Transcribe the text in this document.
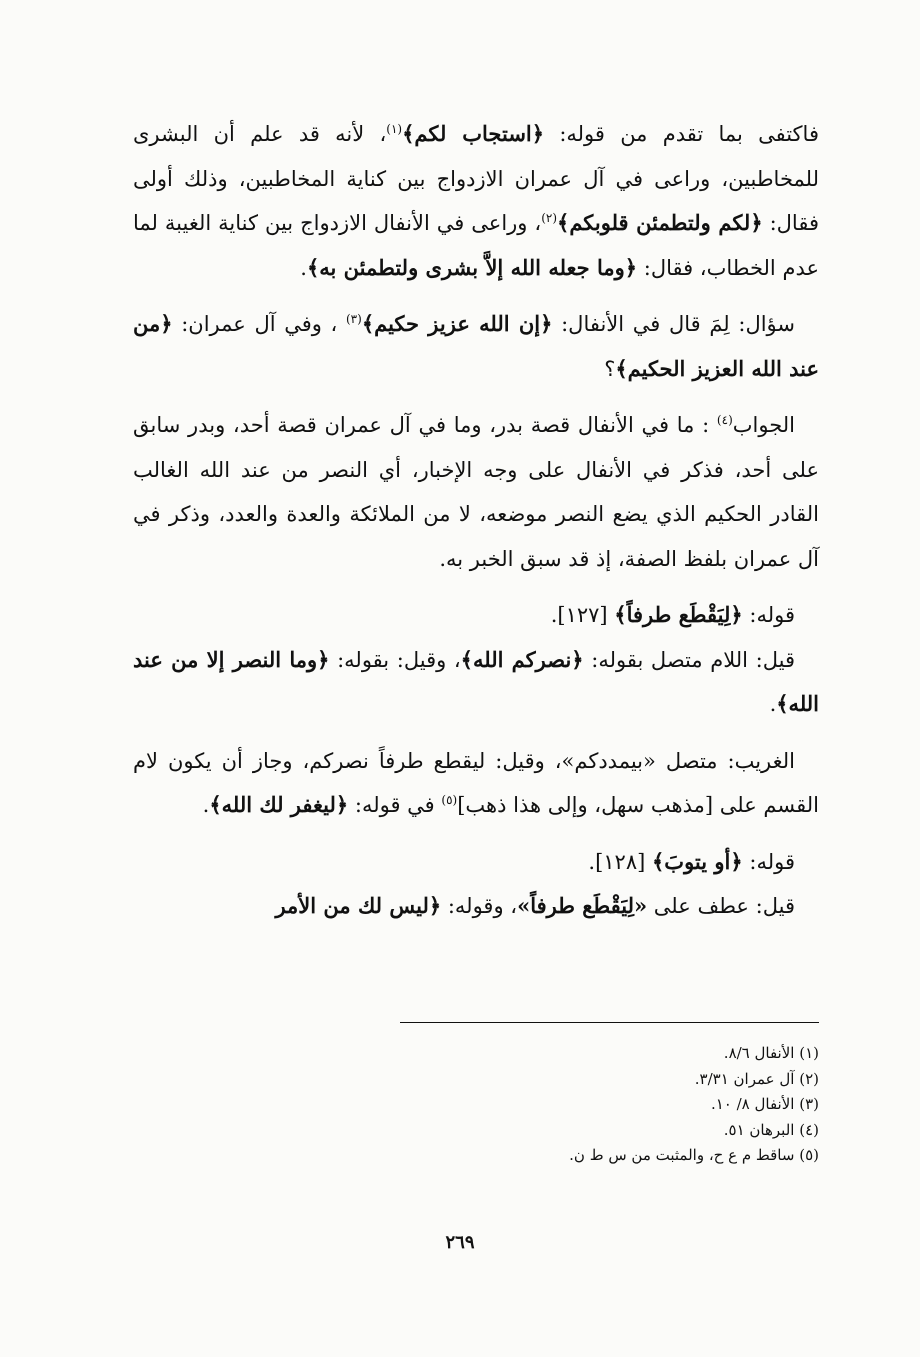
فاكتفى بما تقدم من قوله: ﴿استجاب لكم﴾$^{(١)}$، لأنه قد علم أن البشرى للمخاطبين، وراعى في آل عمران الازدواج بين كناية المخاطبين، وذلك أولى فقال: ﴿لكم ولتطمئن قلوبكم﴾$^{(٢)}$، وراعى في الأنفال الازدواج بين كناية الغيبة لما عدم الخطاب، فقال: ﴿وما جعله الله إلاَّ بشرى ولتطمئن به﴾.

سؤال: لِمَ قال في الأنفال: ﴿إن الله عزيز حكيم﴾$^{(٣)}$ ، وفي آل عمران: ﴿من عند الله العزيز الحكيم﴾؟

الجواب$^{(٤)}$ : ما في الأنفال قصة بدر، وما في آل عمران قصة أحد، وبدر سابق على أحد، فذكر في الأنفال على وجه الإخبار، أي النصر من عند الله الغالب القادر الحكيم الذي يضع النصر موضعه، لا من الملائكة والعدة والعدد، وذكر في آل عمران بلفظ الصفة، إذ قد سبق الخبر به.

قوله: ﴿لِيَقْطَع طرفاً﴾ [١٢٧].

قيل: اللام متصل بقوله: ﴿نصركم الله﴾، وقيل: بقوله: ﴿وما النصر إلا من عند الله﴾.

الغريب: متصل «بيمددكم»، وقيل: ليقطع طرفاً نصركم، وجاز أن يكون لام القسم على [مذهب سهل، وإلى هذا ذهب]$^{(٥)}$ في قوله: ﴿ليغفر لك الله﴾.

قوله: ﴿أو يتوبَ﴾ [١٢٨].

قيل: عطف على «لِيَقْطَع طرفاً»، وقوله: ﴿ليس لك من الأمر

(١) الأنفال ٨/٦.
(٢) آل عمران ٣/٣١.
(٣) الأنفال ٨/ ١٠.
(٤) البرهان ٥١.
(٥) ساقط م ع ح، والمثبت من س ط ن.
٢٦٩
